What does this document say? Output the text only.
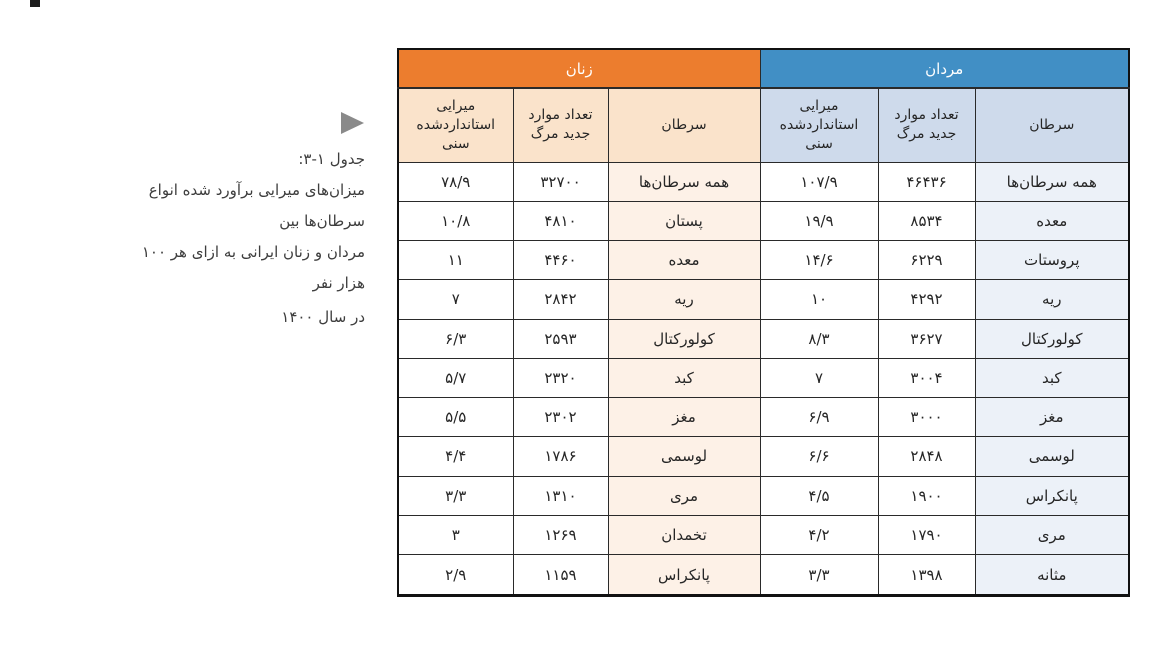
جدول ۱-۳:
میزان‌های میرایی برآورد شده انواع سرطان‌ها بین
مردان و زنان ایرانی به ازای هر ۱۰۰ هزار نفر
در سال ۱۴۰۰
مردان			زنان		
سرطان	تعداد موارد جدید مرگ	میرایی استانداردشده سنی	سرطان	تعداد موارد جدید مرگ	میرایی استانداردشده سنی
همه سرطان‌ها	۴۶۴۳۶	۱۰۷/۹	همه سرطان‌ها	۳۲۷۰۰	۷۸/۹
معده	۸۵۳۴	۱۹/۹	پستان	۴۸۱۰	۱۰/۸
پروستات	۶۲۲۹	۱۴/۶	معده	۴۴۶۰	۱۱
ریه	۴۲۹۲	۱۰	ریه	۲۸۴۲	۷
کولورکتال	۳۶۲۷	۸/۳	کولورکتال	۲۵۹۳	۶/۳
کبد	۳۰۰۴	۷	کبد	۲۳۲۰	۵/۷
مغز	۳۰۰۰	۶/۹	مغز	۲۳۰۲	۵/۵
لوسمی	۲۸۴۸	۶/۶	لوسمی	۱۷۸۶	۴/۴
پانکراس	۱۹۰۰	۴/۵	مری	۱۳۱۰	۳/۳
مری	۱۷۹۰	۴/۲	تخمدان	۱۲۶۹	۳
مثانه	۱۳۹۸	۳/۳	پانکراس	۱۱۵۹	۲/۹
